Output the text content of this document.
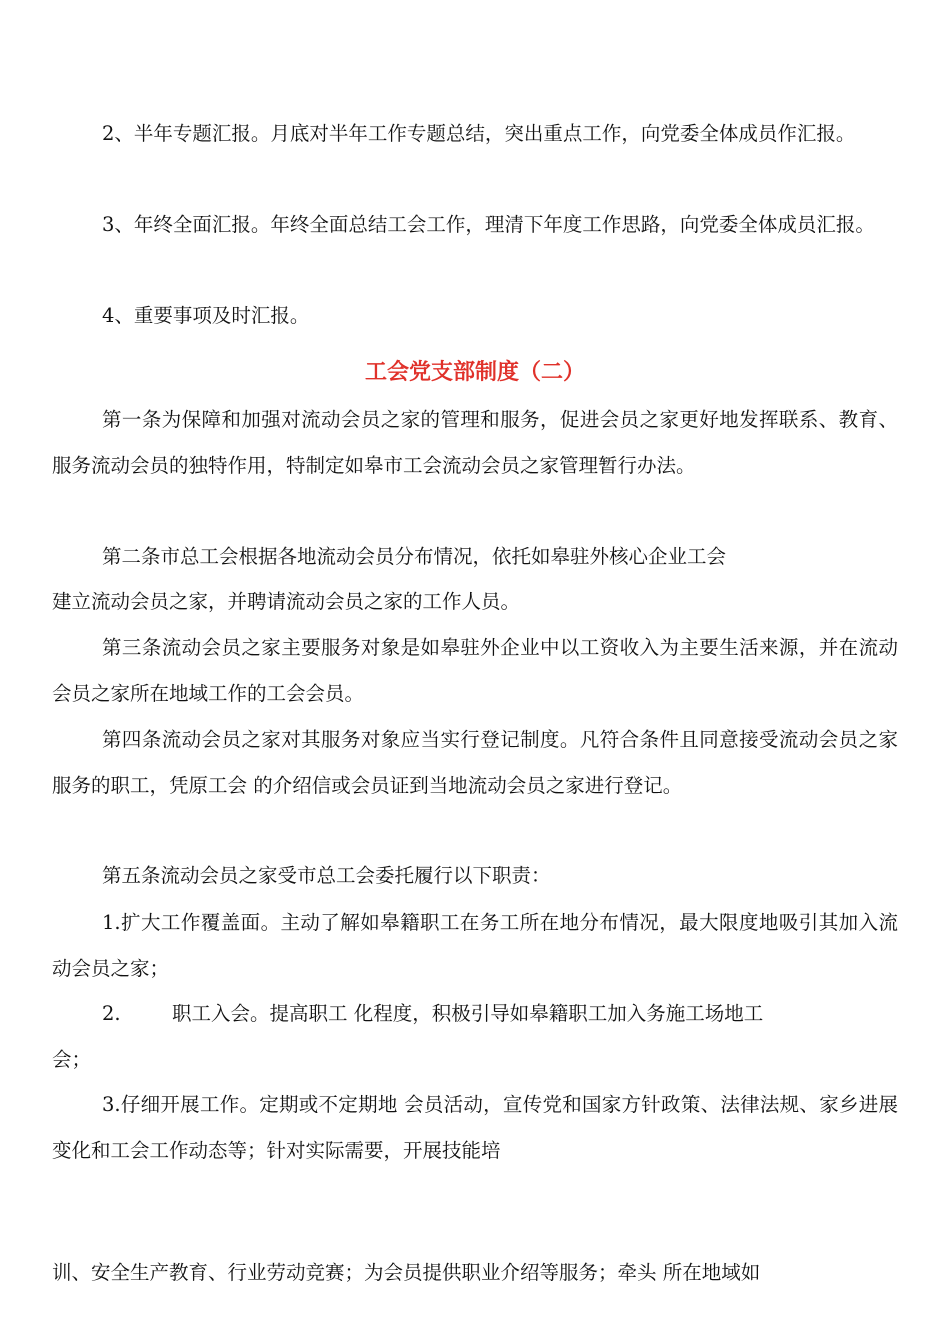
2、半年专题汇报。月底对半年工作专题总结，突出重点工作，向党委全体成员作汇报。

3、年终全面汇报。年终全面总结工会工作，理清下年度工作思路，向党委全体成员汇报。

4、重要事项及时汇报。

工会党支部制度（二）

第一条为保障和加强对流动会员之家的管理和服务，促进会员之家更好地发挥联系、教育、服务流动会员的独特作用，特制定如皋市工会流动会员之家管理暂行办法。

第二条市总工会根据各地流动会员分布情况，依托如皋驻外核心企业工会

建立流动会员之家，并聘请流动会员之家的工作人员。

第三条流动会员之家主要服务对象是如皋驻外企业中以工资收入为主要生活来源，并在流动会员之家所在地域工作的工会会员。

第四条流动会员之家对其服务对象应当实行登记制度。凡符合条件且同意接受流动会员之家服务的职工，凭原工会 的介绍信或会员证到当地流动会员之家进行登记。

第五条流动会员之家受市总工会委托履行以下职责：

1.扩大工作覆盖面。主动了解如皋籍职工在务工所在地分布情况，最大限度地吸引其加入流动会员之家；

2.	职工入会。提高职工 化程度，积极引导如皋籍职工加入务施工场地工

会；

3.仔细开展工作。定期或不定期地 会员活动，宣传党和国家方针政策、法律法规、家乡进展变化和工会工作动态等；针对实际需要，开展技能培

训、安全生产教育、行业劳动竞赛；为会员提供职业介绍等服务；牵头 所在地域如
